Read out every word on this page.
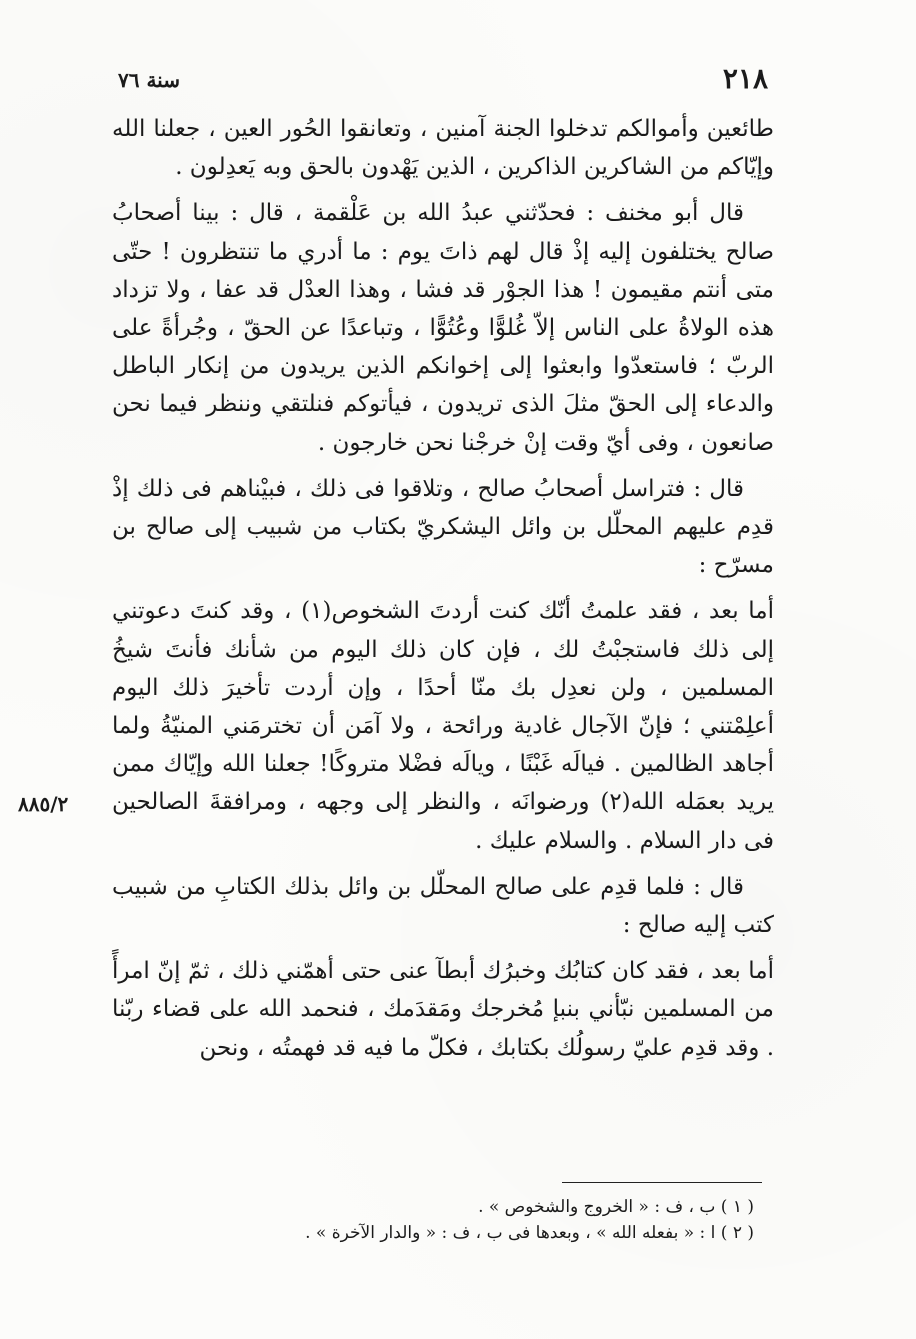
٢١٨
سنة ٧٦
٨٨٥/٢

طائعين وأموالكم تدخلوا الجنة آمنين ، وتعانقوا الحُور العين ، جعلنا الله وإيّاكم من الشاكرين الذاكرين ، الذين يَهْدون بالحق وبه يَعدِلون .

قال أبو مخنف : فحدّثني عبدُ الله بن عَلْقمة ، قال : بينا أصحابُ صالح يختلفون إليه إذْ قال لهم ذاتَ يوم : ما أدري ما تنتظرون ! حتّى متى أنتم مقيمون ! هذا الجوْر قد فشا ، وهذا العدْل قد عفا ، ولا تزداد هذه الولاةُ على الناس إلاّ غُلوًّا وعُتُوًّا ، وتباعدًا عن الحقّ ، وجُرأةً على الربّ ؛ فاستعدّوا وابعثوا إلى إخوانكم الذين يريدون من إنكار الباطل والدعاء إلى الحقّ مثلَ الذى تريدون ، فيأتوكم فنلتقي وننظر فيما نحن صانعون ، وفى أيّ وقت إنْ خرجْنا نحن خارجون .

قال : فتراسل أصحابُ صالح ، وتلاقوا فى ذلك ، فبيْناهم فى ذلك إذْ قدِم عليهم المحلّل بن وائل اليشكريّ بكتاب من شبيب إلى صالح بن مسرّح :

أما بعد ، فقد علمتُ أنّك كنت أردتَ الشخوص(١) ، وقد كنتَ دعوتني إلى ذلك فاستجبْتُ لك ، فإن كان ذلك اليوم من شأنك فأنتَ شيخُ المسلمين ، ولن نعدِل بك منّا أحدًا ، وإن أردت تأخيرَ ذلك اليوم أعلِمْتني ؛ فإنّ الآجال غادية ورائحة ، ولا آمَن أن تخترمَني المنيّةُ ولما أجاهد الظالمين . فيالَه غَبْنًا ، ويالَه فضْلا متروكًا! جعلنا الله وإيّاك ممن يريد بعمَله الله(٢) ورضوانَه ، والنظر إلى وجهه ، ومرافقةَ الصالحين فى دار السلام . والسلام عليك .

قال : فلما قدِم على صالح المحلّل بن وائل بذلك الكتابِ من شبيب كتب إليه صالح :

أما بعد ، فقد كان كتابُك وخبرُك أبطآ عنى حتى أهمّني ذلك ، ثمّ إنّ امرأً من المسلمين نبّأني بنبإ مُخرجك ومَقدَمك ، فنحمد الله على قضاء ربّنا . وقد قدِم عليّ رسولُك بكتابك ، فكلّ ما فيه قد فهمتُه ، ونحن

( ١ ) ب ، ف : « الخروج والشخوص » .

( ٢ ) ا : « بفعله الله » ، وبعدها فى ب ، ف : « والدار الآخرة » .
